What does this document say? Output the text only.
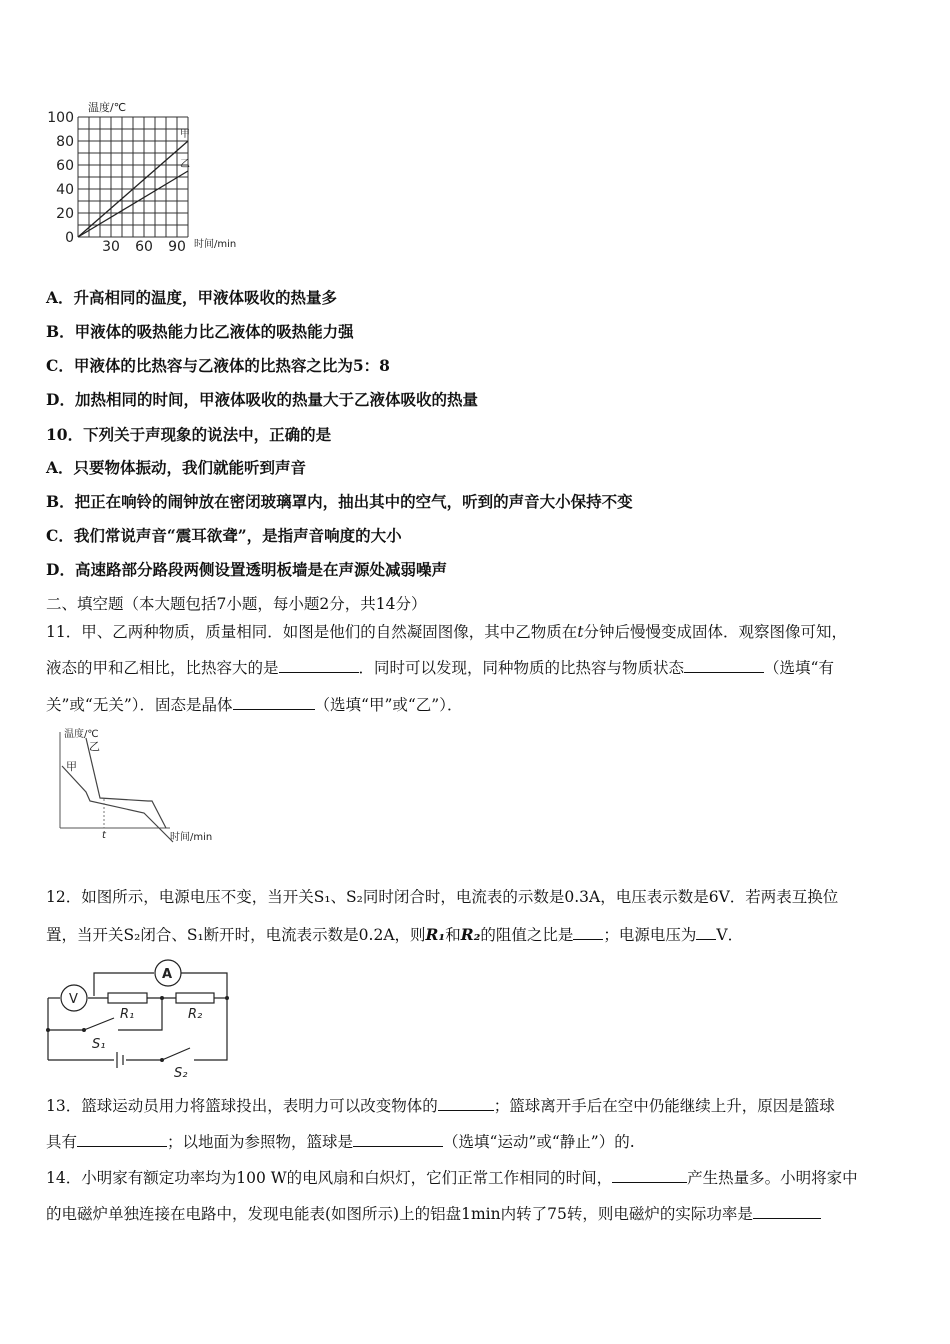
100
80
60
40
20
0
30 60 90
温度/℃
时间/min
甲
乙
A．升高相同的温度，甲液体吸收的热量多
B．甲液体的吸热能力比乙液体的吸热能力强
C．甲液体的比热容与乙液体的比热容之比为5：8
D．加热相同的时间，甲液体吸收的热量大于乙液体吸收的热量
10．下列关于声现象的说法中，正确的是
A．只要物体振动，我们就能听到声音
B．把正在响铃的闹钟放在密闭玻璃罩内，抽出其中的空气，听到的声音大小保持不变
C．我们常说声音“震耳欲聋”，是指声音响度的大小
D．高速路部分路段两侧设置透明板墙是在声源处减弱噪声
二、填空题（本大题包括7小题，每小题2分，共14分）
11．甲、乙两种物质，质量相同．如图是他们的自然凝固图像，其中乙物质在t分钟后慢慢变成固体．观察图像可知，
液态的甲和乙相比，比热容大的是	．同时可以发现，同种物质的比热容与物质状态	（选填“有
关”或“无关”）．固态是晶体	（选填“甲”或“乙”）．
温度/℃
乙
甲
t	时间/min
12．如图所示，电源电压不变，当开关S₁、S₂同时闭合时，电流表的示数是0.3A，电压表示数是6V．若两表互换位
置，当开关S₂闭合、S₁断开时，电流表示数是0.2A，则R₁和R₂的阻值之比是 ；电源电压为 V．
A
V
R₁	R₂
S₁
S₂
13．篮球运动员用力将篮球投出，表明力可以改变物体的	；篮球离开手后在空中仍能继续上升，原因是篮球
具有	；以地面为参照物，篮球是	（选填“运动”或“静止”）的.
14．小明家有额定功率均为100 W的电风扇和白炽灯，它们正常工作相同的时间，	产生热量多。小明将家中
的电磁炉单独连接在电路中，发现电能表(如图所示)上的铝盘1min内转了75转，则电磁炉的实际功率是
